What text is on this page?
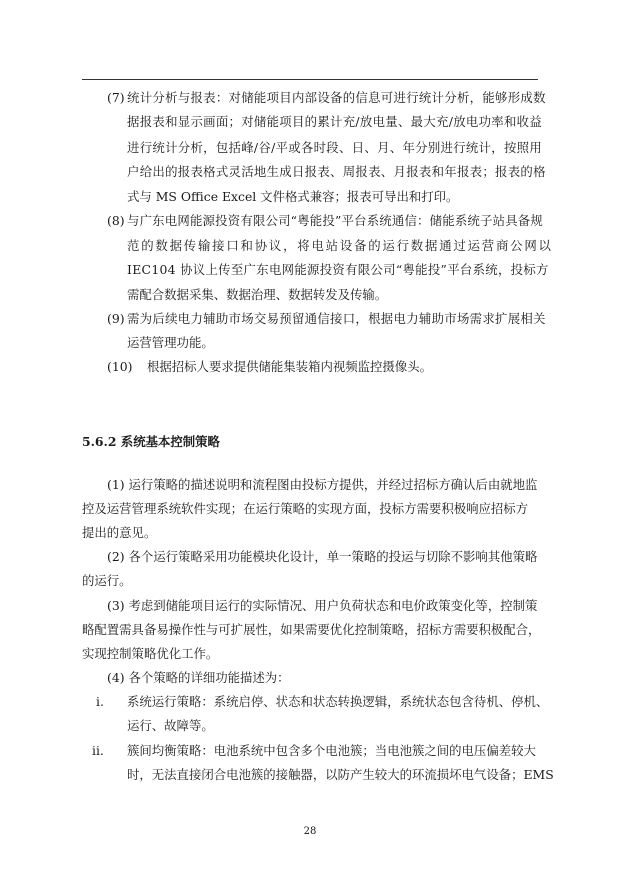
(7) 统计分析与报表：对储能项目内部设备的信息可进行统计分析，能够形成数
据报表和显示画面；对储能项目的累计充/放电量、最大充/放电功率和收益
进行统计分析，包括峰/谷/平或各时段、日、月、年分别进行统计，按照用
户给出的报表格式灵活地生成日报表、周报表、月报表和年报表；报表的格
式与 MS Office Excel 文件格式兼容；报表可导出和打印。
(8) 与广东电网能源投资有限公司“粤能投”平台系统通信：储能系统子站具备规
范的数据传输接口和协议，将电站设备的运行数据通过运营商公网以
IEC104 协议上传至广东电网能源投资有限公司“粤能投”平台系统，投标方
需配合数据采集、数据治理、数据转发及传输。
(9) 需为后续电力辅助市场交易预留通信接口，根据电力辅助市场需求扩展相关
运营管理功能。
(10) 根据招标人要求提供储能集装箱内视频监控摄像头。
5.6.2 系统基本控制策略
(1) 运行策略的描述说明和流程图由投标方提供，并经过招标方确认后由就地监
控及运营管理系统软件实现；在运行策略的实现方面，投标方需要积极响应招标方
提出的意见。
(2) 各个运行策略采用功能模块化设计，单一策略的投运与切除不影响其他策略
的运行。
(3) 考虑到储能项目运行的实际情况、用户负荷状态和电价政策变化等，控制策
略配置需具备易操作性与可扩展性，如果需要优化控制策略，招标方需要积极配合，
实现控制策略优化工作。
(4) 各个策略的详细功能描述为：
i. 系统运行策略：系统启停、状态和状态转换逻辑，系统状态包含待机、停机、
运行、故障等。
ii. 簇间均衡策略：电池系统中包含多个电池簇；当电池簇之间的电压偏差较大
时，无法直接闭合电池簇的接触器，以防产生较大的环流损坏电气设备；EMS
28
